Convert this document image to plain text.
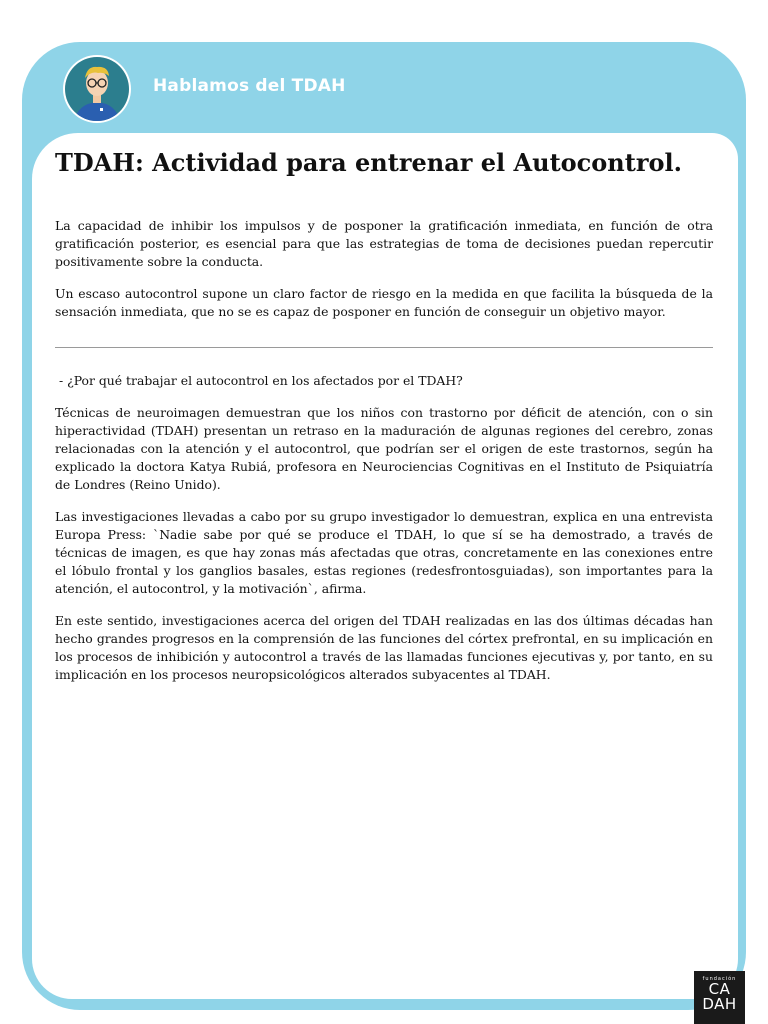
Hablamos del TDAH
TDAH: Actividad para entrenar el Autocontrol.

La capacidad de inhibir los impulsos y de posponer la gratificación inmediata, en función de otra gratificación posterior, es esencial para que las estrategias de toma de decisiones puedan repercutir positivamente sobre la conducta.

Un escaso autocontrol supone un claro factor de riesgo en la medida en que facilita la búsqueda de la sensación inmediata, que no se es capaz de posponer en función de conseguir un objetivo mayor.

- ¿Por qué trabajar el autocontrol en los afectados por el TDAH?

Técnicas de neuroimagen demuestran que los niños con trastorno por déficit de atención, con o sin hiperactividad (TDAH) presentan un retraso en la maduración de algunas regiones del cerebro, zonas relacionadas con la atención y el autocontrol, que podrían ser el origen de este trastornos, según ha explicado la doctora Katya Rubiá, profesora en Neurociencias Cognitivas en el Instituto de Psiquiatría de Londres (Reino Unido).

Las investigaciones llevadas a cabo por su grupo investigador lo demuestran, explica en una entrevista Europa Press: `Nadie sabe por qué se produce el TDAH, lo que sí se ha demostrado, a través de técnicas de imagen, es que hay zonas más afectadas que otras, concretamente en las conexiones entre el lóbulo frontal y los ganglios basales, estas regiones (redesfrontosguiadas), son importantes para la atención, el autocontrol, y la motivación`, afirma.

En este sentido, investigaciones acerca del origen del TDAH realizadas en las dos últimas décadas han hecho grandes progresos en la comprensión de las funciones del córtex prefrontal, en su implicación en los procesos de inhibición y autocontrol a través de las llamadas funciones ejecutivas y, por tanto, en su implicación en los procesos neuropsicológicos alterados subyacentes al TDAH.

fundación
CA
DAH
